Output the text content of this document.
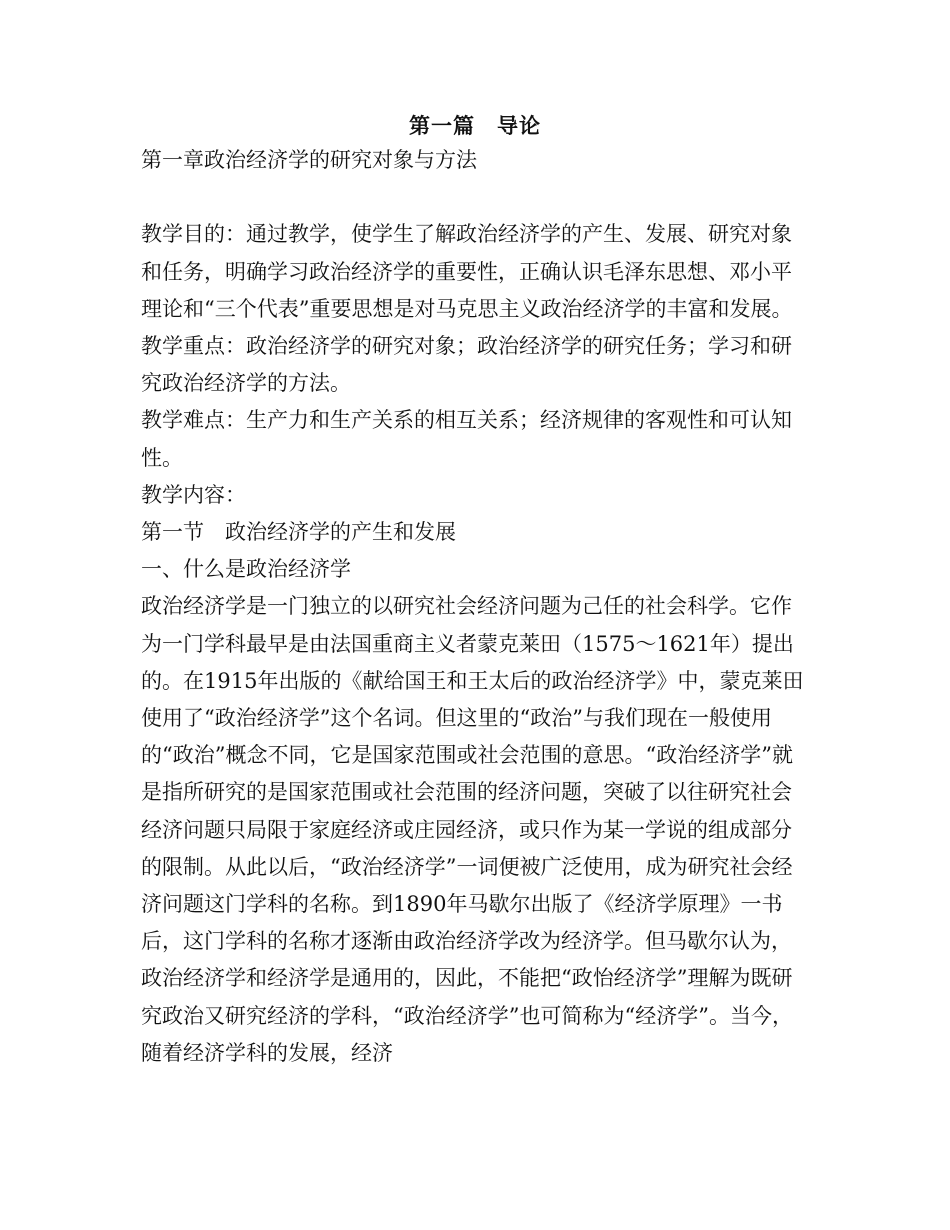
第一篇　导论

第一章政治经济学的研究对象与方法

教学目的：通过教学，使学生了解政治经济学的产生、发展、研究对象和任务，明确学习政治经济学的重要性，正确认识毛泽东思想、邓小平理论和“三个代表”重要思想是对马克思主义政治经济学的丰富和发展。

教学重点：政治经济学的研究对象；政治经济学的研究任务；学习和研究政治经济学的方法。

教学难点：生产力和生产关系的相互关系；经济规律的客观性和可认知性。

教学内容：

第一节　政治经济学的产生和发展

一、什么是政治经济学

政治经济学是一门独立的以研究社会经济问题为己任的社会科学。它作为一门学科最早是由法国重商主义者蒙克莱田（1575～1621年）提出的。在1915年出版的《献给国王和王太后的政治经济学》中，蒙克莱田使用了“政治经济学”这个名词。但这里的“政治”与我们现在一般使用的“政治”概念不同，它是国家范围或社会范围的意思。“政治经济学”就是指所研究的是国家范围或社会范围的经济问题，突破了以往研究社会经济问题只局限于家庭经济或庄园经济，或只作为某一学说的组成部分的限制。从此以后，“政治经济学”一词便被广泛使用，成为研究社会经济问题这门学科的名称。到1890年马歇尔出版了《经济学原理》一书后，这门学科的名称才逐渐由政治经济学改为经济学。但马歇尔认为，政治经济学和经济学是通用的，因此，不能把“政怡经济学”理解为既研究政治又研究经济的学科，“政治经济学”也可简称为“经济学”。当今，随着经济学科的发展，经济
